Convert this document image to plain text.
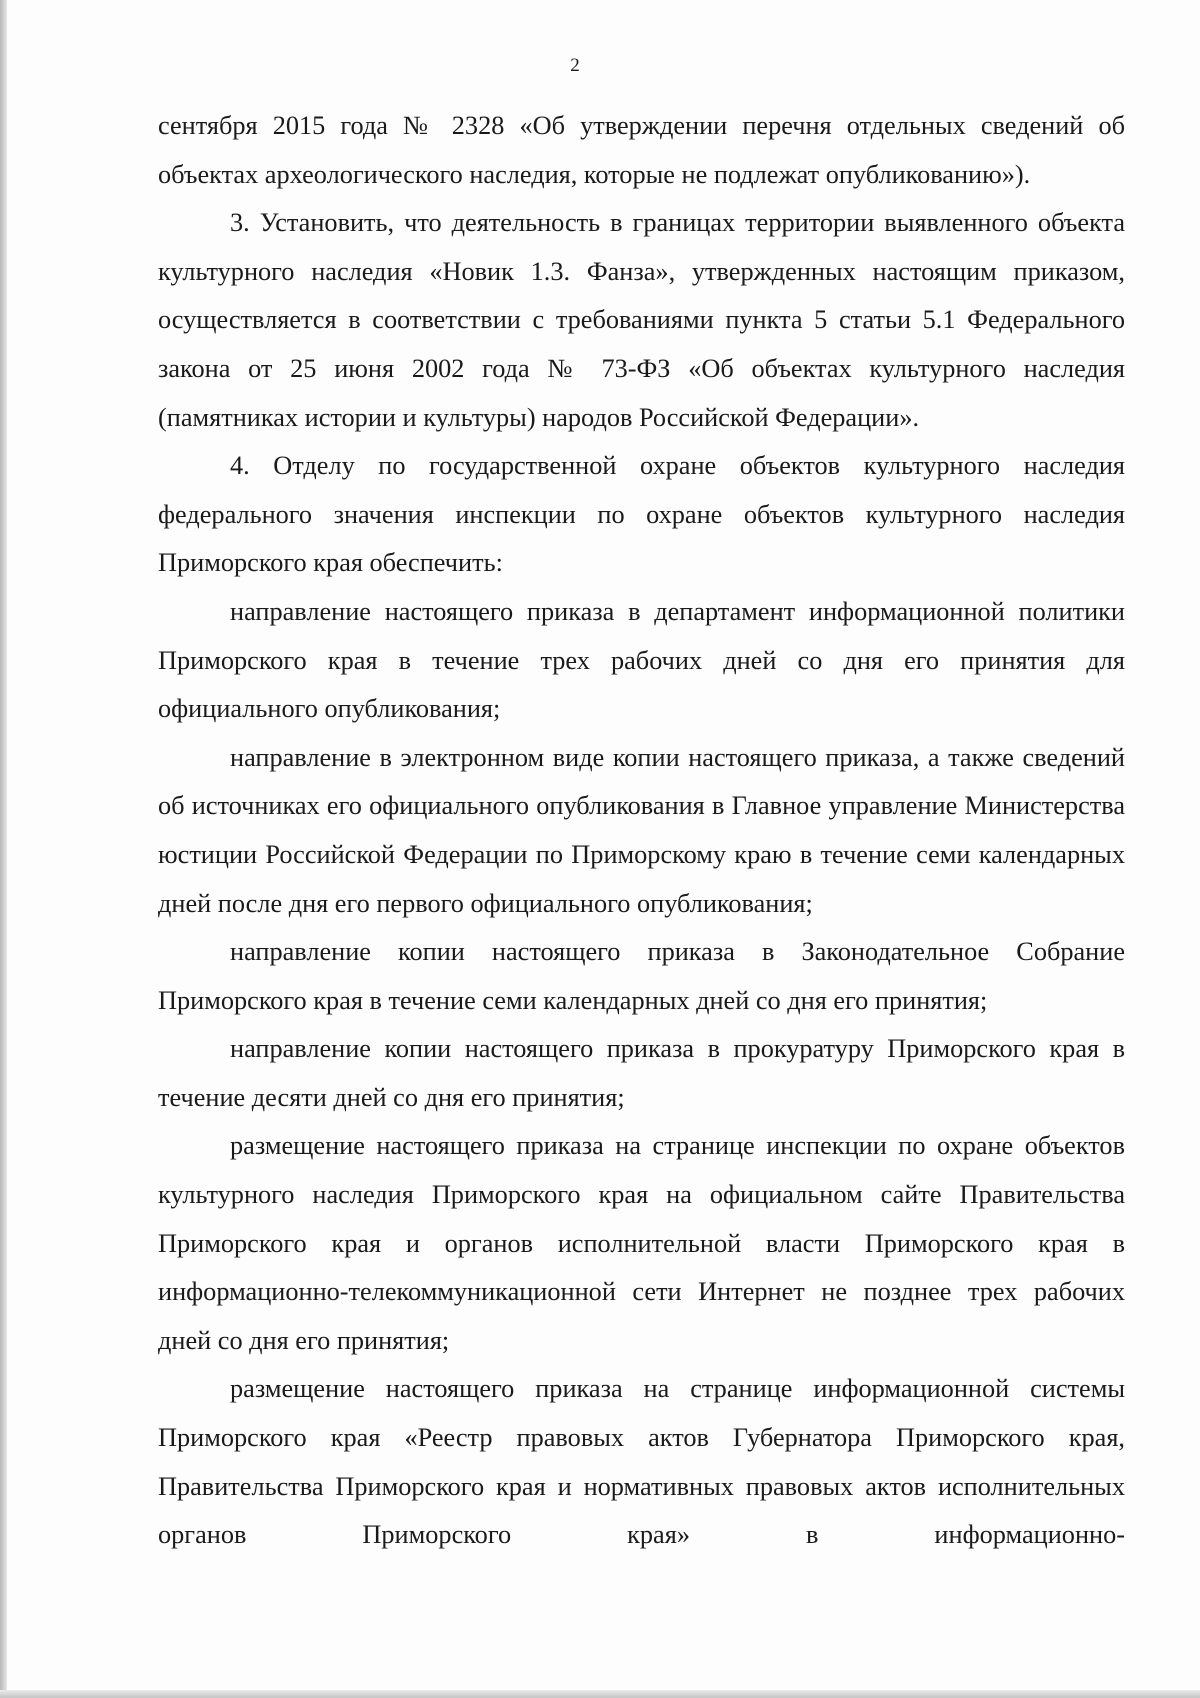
2

сентября 2015 года № 2328 «Об утверждении перечня отдельных сведений об объектах археологического наследия, которые не подлежат опубликованию»).

3. Установить, что деятельность в границах территории выявленного объекта культурного наследия «Новик 1.3. Фанза», утвержденных настоящим приказом, осуществляется в соответствии с требованиями пункта 5 статьи 5.1 Федерального закона от 25 июня 2002 года № 73-ФЗ «Об объектах культурного наследия (памятниках истории и культуры) народов Российской Федерации».

4. Отделу по государственной охране объектов культурного наследия федерального значения инспекции по охране объектов культурного наследия Приморского края обеспечить:

направление настоящего приказа в департамент информационной политики Приморского края в течение трех рабочих дней со дня его принятия для официального опубликования;

направление в электронном виде копии настоящего приказа, а также сведений об источниках его официального опубликования в Главное управление Министерства юстиции Российской Федерации по Приморскому краю в течение семи календарных дней после дня его первого официального опубликования;

направление копии настоящего приказа в Законодательное Собрание Приморского края в течение семи календарных дней со дня его принятия;

направление копии настоящего приказа в прокуратуру Приморского края в течение десяти дней со дня его принятия;

размещение настоящего приказа на странице инспекции по охране объектов культурного наследия Приморского края на официальном сайте Правительства Приморского края и органов исполнительной власти Приморского края в информационно-телекоммуникационной сети Интернет не позднее трех рабочих дней со дня его принятия;

размещение настоящего приказа на странице информационной системы Приморского края «Реестр правовых актов Губернатора Приморского края, Правительства Приморского края и нормативных правовых актов исполнительных органов Приморского края» в информационно-
